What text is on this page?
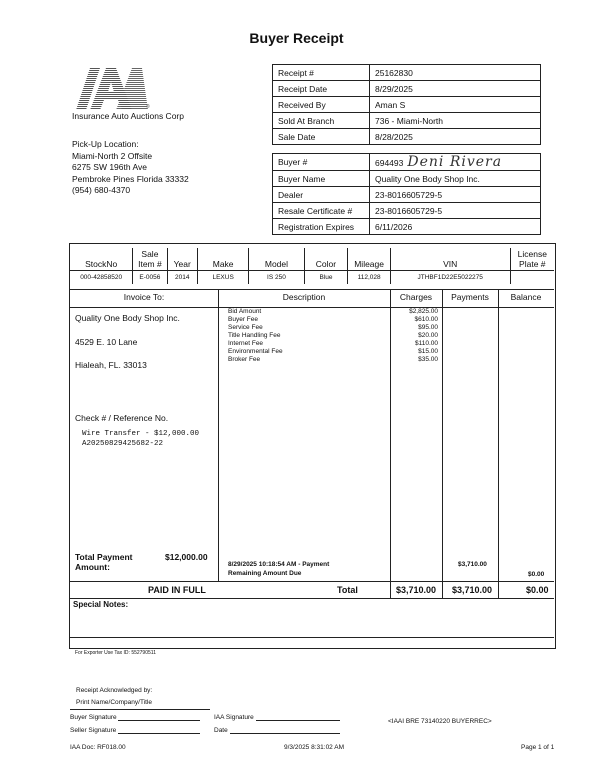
Buyer Receipt
®
Insurance Auto Auctions Corp
Pick-Up Location:
Miami-North 2 Offsite
6275 SW 196th Ave
Pembroke Pines Florida 33332
(954) 680-4370
Receipt #	25162830
Receipt Date	8/29/2025
Received By	Aman S
Sold At Branch	736 - Miami-North
Sale Date	8/28/2025
Buyer #	694493 Deni Rivera
Buyer Name	Quality One Body Shop Inc.
Dealer	23-8016605729-5
Resale Certificate #	23-8016605729-5
Registration Expires	6/11/2026
StockNo	Sale Item #	Year	Make	Model	Color	Mileage	VIN	License Plate #
000-42858520	E-0056	2014	LEXUS	IS 250	Blue	112,028	JTHBF1D22E5022275	
Invoice To:	Description	Charges	Payments	Balance
Quality One Body Shop Inc.
4529 E. 10 Lane
Hialeah, FL. 33013
Check # / Reference No.
Wire Transfer - $12,000.00
A20250829425682-22
Bid Amount	$2,825.00
Buyer Fee	$610.00
Service Fee	$95.00
Title Handling Fee	$20.00
Internet Fee	$110.00
Environmental Fee	$15.00
Broker Fee	$35.00
Total Payment Amount:
$12,000.00
8/29/2025 10:18:54 AM - Payment
Remaining Amount Due
$3,710.00
$0.00
PAID IN FULL	Total	$3,710.00 $3,710.00	$0.00
Special Notes:
For Exporter Use Tax ID: 552790511
Receipt Acknowledged by:
Print Name/Company/Title
Buyer Signature	IAA Signature
Seller Signature	Date
<IAAI BRE 73140220 BUYERREC>
IAA Doc: RF018.00	9/3/2025 8:31:02 AM	Page 1 of 1
